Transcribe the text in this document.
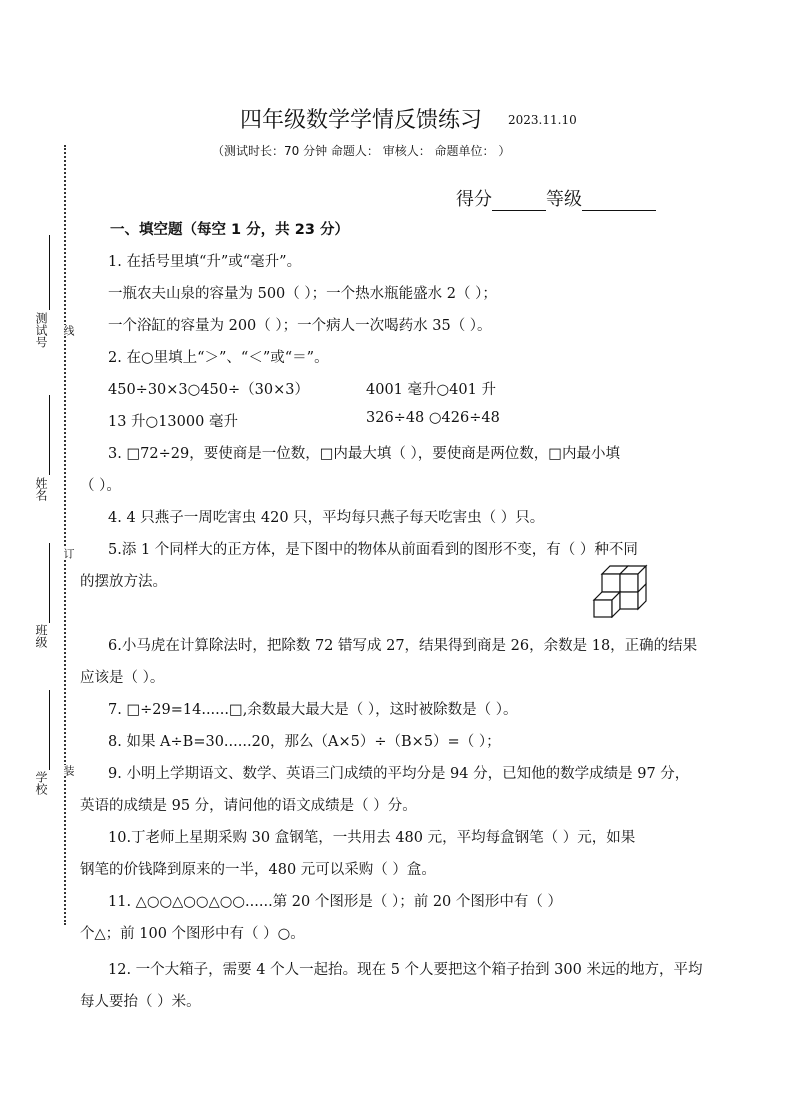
四年级数学学情反馈练习 2023.11.10
（测试时长：70 分钟 命题人： 审核人： 命题单位： ）
得分	等级
测试号
姓名
班级
学校
线
订
装
一、填空题（每空 1 分，共 23 分）
1. 在括号里填“升”或“毫升”。
一瓶农夫山泉的容量为 500（ ）；一个热水瓶能盛水 2（ ）；
一个浴缸的容量为 200（ ）；一个病人一次喝药水 35（ ）。
2. 在○里填上“＞”、“＜”或“＝”。
450÷30×3○450÷（30×3）	4001 毫升○401 升
13 升○13000 毫升	326÷48 ○426÷48
3. □72÷29，要使商是一位数，□内最大填（ ），要使商是两位数，□内最小填
（ ）。
4. 4 只燕子一周吃害虫 420 只，平均每只燕子每天吃害虫（ ）只。
5.添 1 个同样大的正方体，是下图中的物体从前面看到的图形不变，有（ ）种不同
的摆放方法。
6.小马虎在计算除法时，把除数 72 错写成 27，结果得到商是 26，余数是 18，正确的结果
应该是（ ）。
7. □÷29=14......□,余数最大最大是（ ），这时被除数是（ ）。
8. 如果 A÷B=30......20，那么（A×5）÷（B×5）=（ ）；
9. 小明上学期语文、数学、英语三门成绩的平均分是 94 分，已知他的数学成绩是 97 分，
英语的成绩是 95 分，请问他的语文成绩是（ ）分。
10.丁老师上星期采购 30 盒钢笔，一共用去 480 元，平均每盒钢笔（ ）元，如果
钢笔的价钱降到原来的一半，480 元可以采购（ ）盒。
11. △○○△○○△○○......第 20 个图形是（ ）；前 20 个图形中有（ ）
个△；前 100 个图形中有（ ）○。
12. 一个大箱子，需要 4 个人一起抬。现在 5 个人要把这个箱子抬到 300 米远的地方，平均
每人要抬（ ）米。
